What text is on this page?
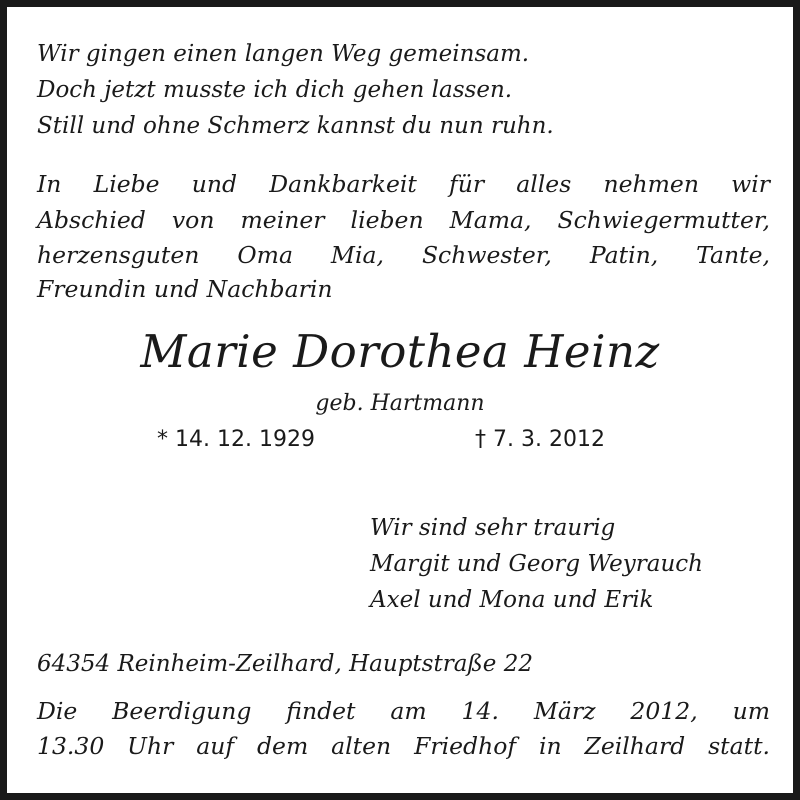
Wir gingen einen langen Weg gemeinsam.

Doch jetzt musste ich dich gehen lassen.

Still und ohne Schmerz kannst du nun ruhn.

In Liebe und Dankbarkeit für alles nehmen wir

Abschied von meiner lieben Mama, Schwiegermutter,

herzensguten Oma Mia, Schwester, Patin, Tante,

Freundin und Nachbarin

Marie Dorothea Heinz

geb. Hartmann

* 14. 12. 1929	† 7. 3. 2012

Wir sind sehr traurig

Margit und Georg Weyrauch

Axel und Mona und Erik

64354 Reinheim-Zeilhard, Hauptstraße 22

Die Beerdigung findet am 14. März 2012, um

13.30 Uhr auf dem alten Friedhof in Zeilhard statt.
